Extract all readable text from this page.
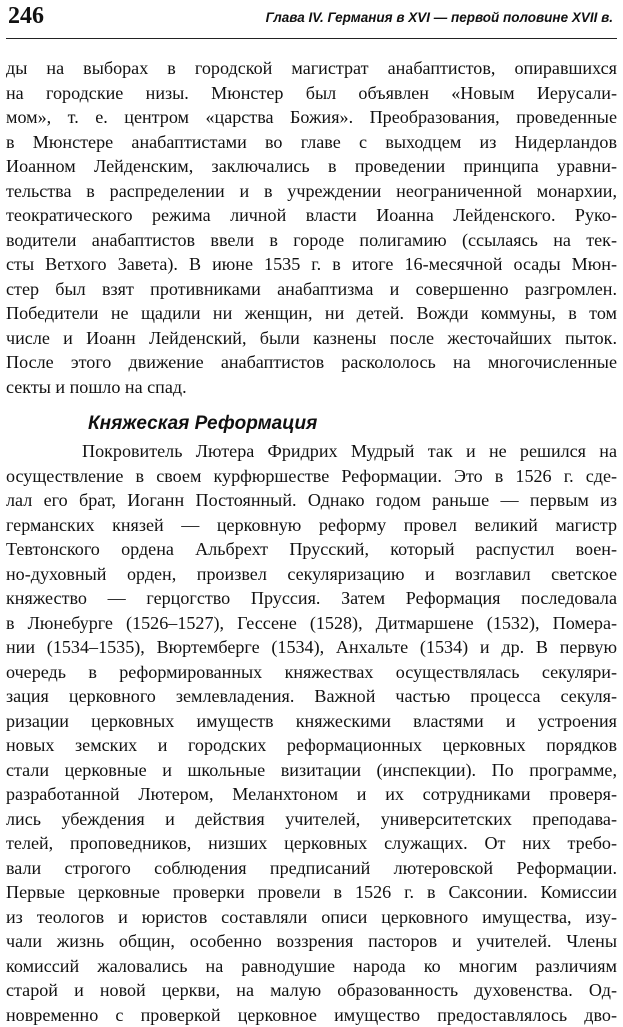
246	Глава IV. Германия в XVI — первой половине XVII в.
ды на выборах в городской магистрат анабаптистов, опиравшихся
на городские низы. Мюнстер был объявлен «Новым Иерусали-
мом», т. е. центром «царства Божия». Преобразования, проведенные
в Мюнстере анабаптистами во главе с выходцем из Нидерландов
Иоанном Лейденским, заключались в проведении принципа уравни-
тельства в распределении и в учреждении неограниченной монархии,
теократического режима личной власти Иоанна Лейденского. Руко-
водители анабаптистов ввели в городе полигамию (ссылаясь на тек-
сты Ветхого Завета). В июне 1535 г. в итоге 16-месячной осады Мюн-
стер был взят противниками анабаптизма и совершенно разгромлен.
Победители не щадили ни женщин, ни детей. Вожди коммуны, в том
числе и Иоанн Лейденский, были казнены после жесточайших пыток.
После этого движение анабаптистов раскололось на многочисленные
секты и пошло на спад.
Княжеская Реформация
Покровитель Лютера Фридрих Мудрый так и не решился на
осуществление в своем курфюршестве Реформации. Это в 1526 г. сде-
лал его брат, Иоганн Постоянный. Однако годом раньше — первым из
германских князей — церковную реформу провел великий магистр
Тевтонского ордена Альбрехт Прусский, который распустил воен-
но-духовный орден, произвел секуляризацию и возглавил светское
княжество — герцогство Пруссия. Затем Реформация последовала
в Люнебурге (1526–1527), Гессене (1528), Дитмаршене (1532), Помера-
нии (1534–1535), Вюртемберге (1534), Анхальте (1534) и др. В первую
очередь в реформированных княжествах осуществлялась секуляри-
зация церковного землевладения. Важной частью процесса секуля-
ризации церковных имуществ княжескими властями и устроения
новых земских и городских реформационных церковных порядков
стали церковные и школьные визитации (инспекции). По программе,
разработанной Лютером, Меланхтоном и их сотрудниками проверя-
лись убеждения и действия учителей, университетских преподава-
телей, проповедников, низших церковных служащих. От них требо-
вали строгого соблюдения предписаний лютеровской Реформации.
Первые церковные проверки провели в 1526 г. в Саксонии. Комиссии
из теологов и юристов составляли описи церковного имущества, изу-
чали жизнь общин, особенно воззрения пасторов и учителей. Члены
комиссий жаловались на равнодушие народа ко многим различиям
старой и новой церкви, на малую образованность духовенства. Од-
новременно с проверкой церковное имущество предоставлялось дво-
